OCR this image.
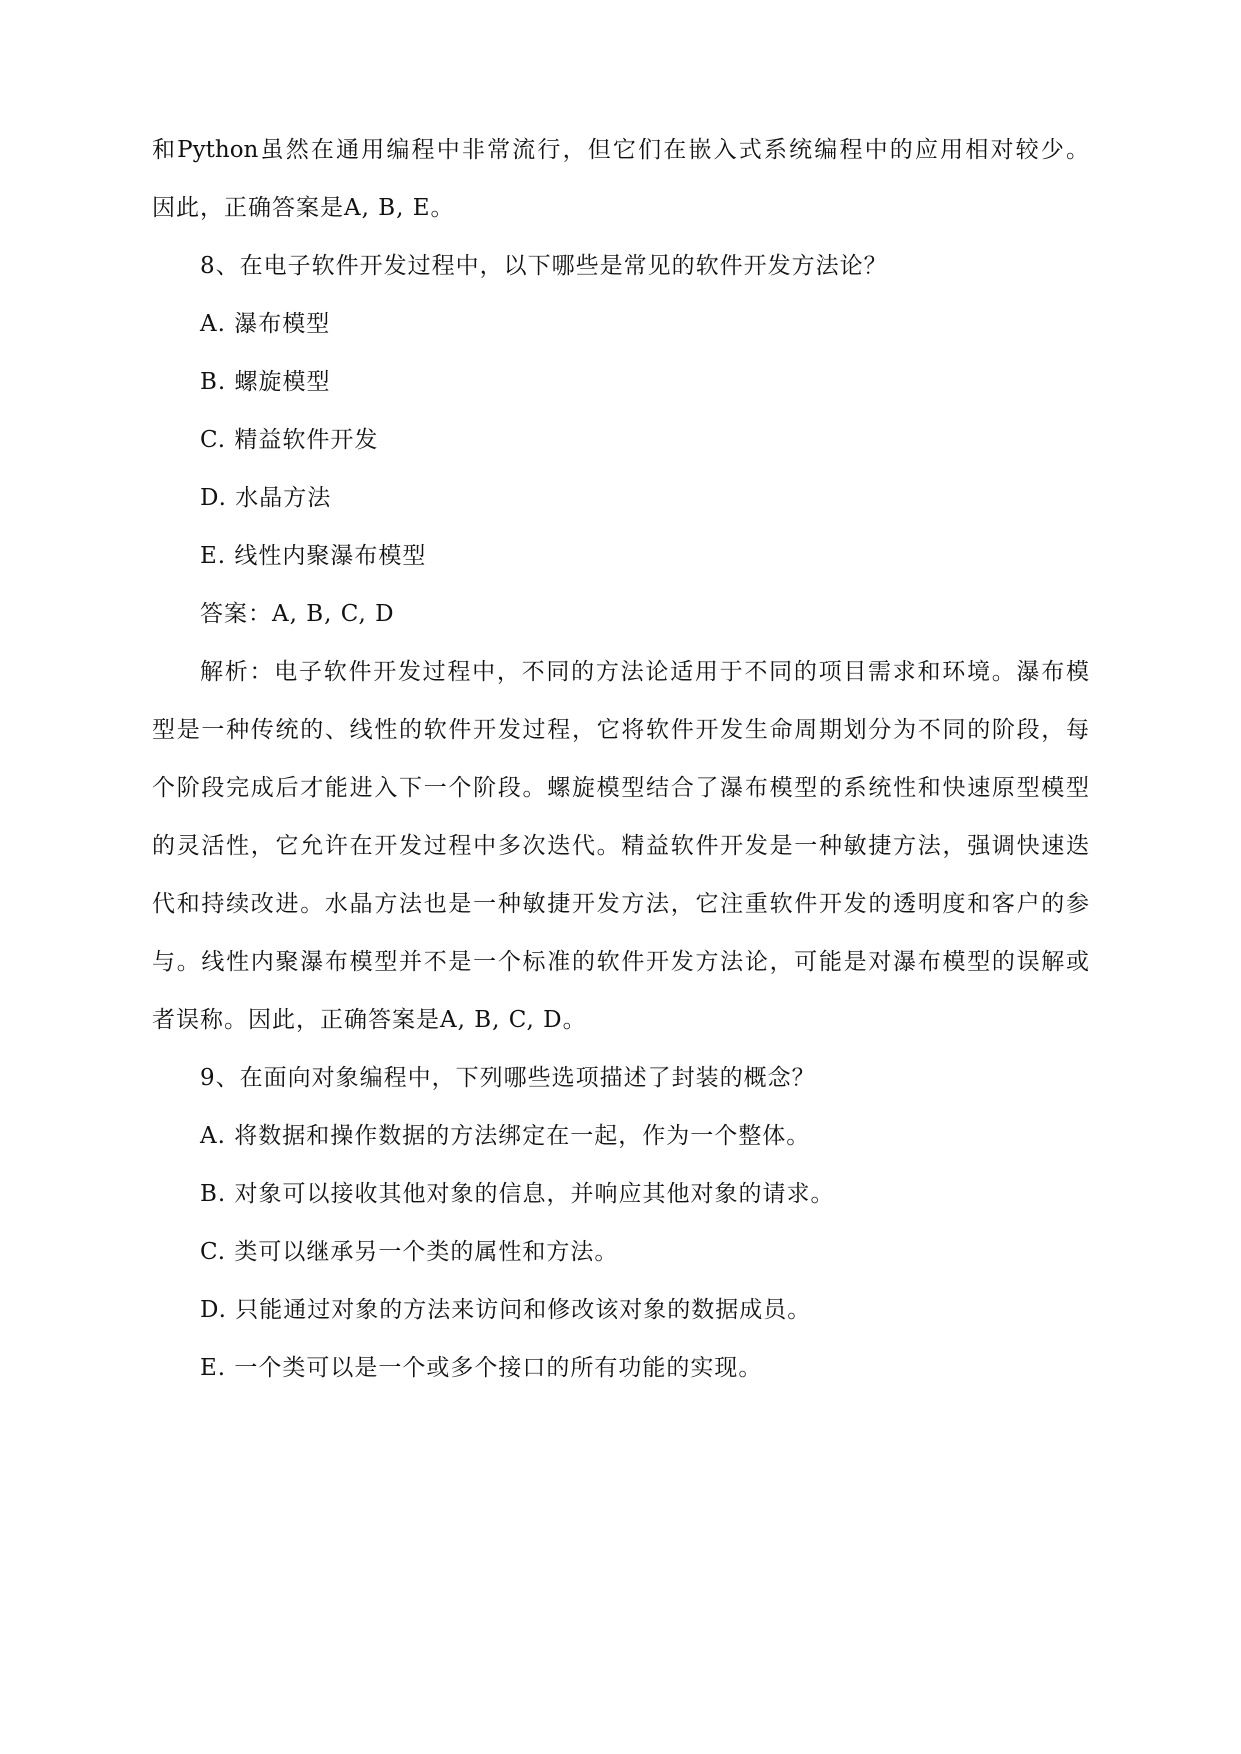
和Python虽然在通用编程中非常流行，但它们在嵌入式系统编程中的应用相对较少。
因此，正确答案是A, B, E。
8、在电子软件开发过程中，以下哪些是常见的软件开发方法论？
A. 瀑布模型
B. 螺旋模型
C. 精益软件开发
D. 水晶方法
E. 线性内聚瀑布模型
答案：A, B, C, D
解析：电子软件开发过程中，不同的方法论适用于不同的项目需求和环境。瀑布模
型是一种传统的、线性的软件开发过程，它将软件开发生命周期划分为不同的阶段，每
个阶段完成后才能进入下一个阶段。螺旋模型结合了瀑布模型的系统性和快速原型模型
的灵活性，它允许在开发过程中多次迭代。精益软件开发是一种敏捷方法，强调快速迭
代和持续改进。水晶方法也是一种敏捷开发方法，它注重软件开发的透明度和客户的参
与。线性内聚瀑布模型并不是一个标准的软件开发方法论，可能是对瀑布模型的误解或
者误称。因此，正确答案是A, B, C, D。
9、在面向对象编程中，下列哪些选项描述了封装的概念？
A. 将数据和操作数据的方法绑定在一起，作为一个整体。
B. 对象可以接收其他对象的信息，并响应其他对象的请求。
C. 类可以继承另一个类的属性和方法。
D. 只能通过对象的方法来访问和修改该对象的数据成员。
E. 一个类可以是一个或多个接口的所有功能的实现。
